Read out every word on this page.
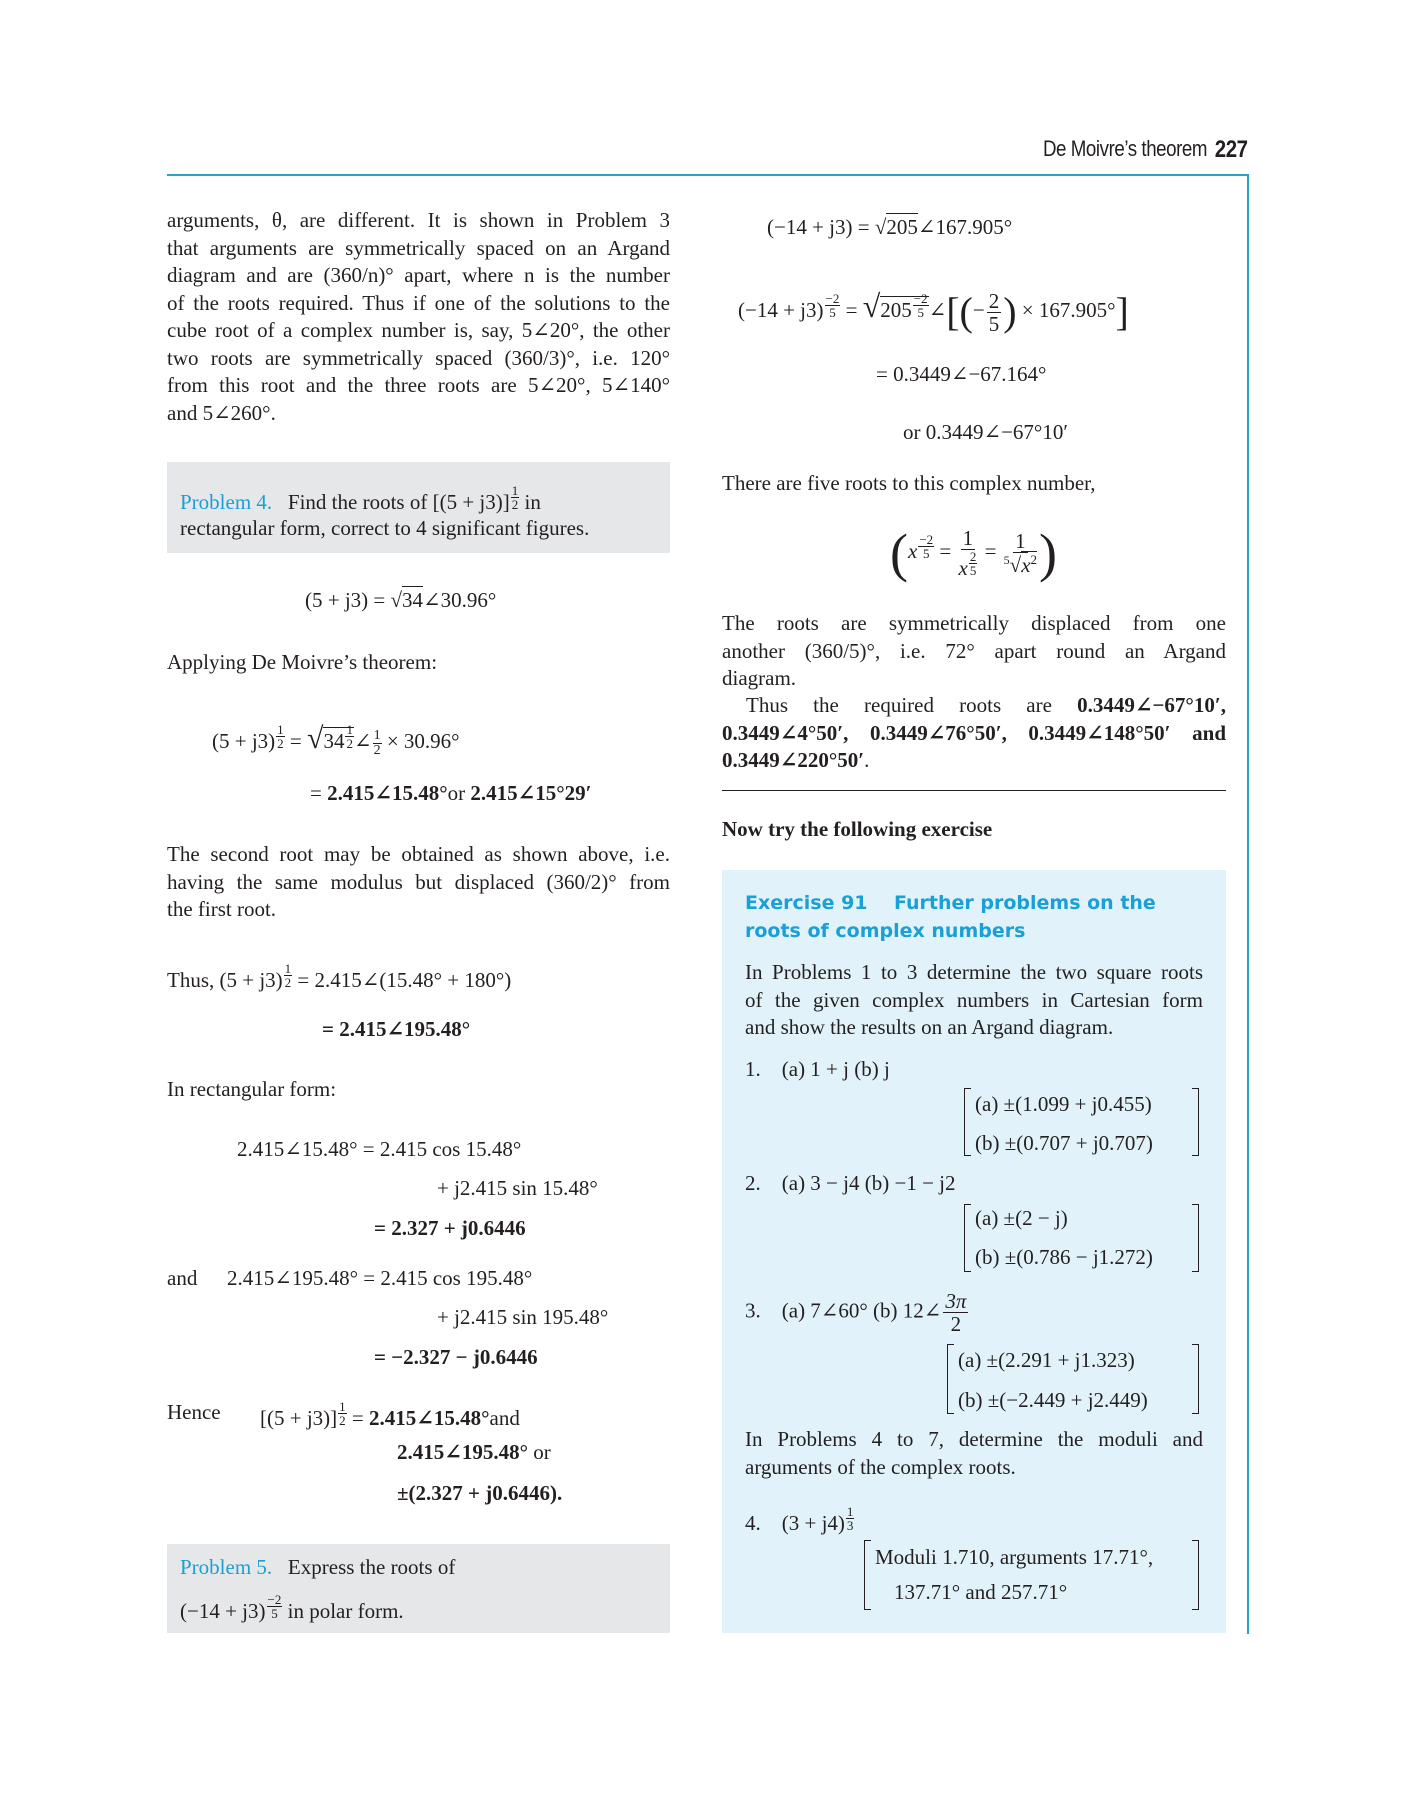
De Moivre’s theorem 227
arguments, θ, are different. It is shown in Problem 3
that arguments are symmetrically spaced on an Argand
diagram and are (360/n)° apart, where n is the number
of the roots required. Thus if one of the solutions to the
cube root of a complex number is, say, 5∠20°, the other
two roots are symmetrically spaced (360/3)°, i.e. 120°
from this root and the three roots are 5∠20°, 5∠140°
and 5∠260°.
Problem 4. Find the roots of $[(5 + j3)] \frac{1}{2}$ in
rectangular form, correct to 4 significant figures.
(5 + j3) = √34∠30.96°
Applying De Moivre’s theorem:
$(5 + j3) \frac{1}{2} = √34 \frac{1}{2}$ ∠ $\frac{1}{2} \times 30.96^\circ$
= 2.415∠15.48°or 2.415∠15°29′
The second root may be obtained as shown above, i.e.
having the same modulus but displaced (360/2)° from
the first root.
Thus, $(5 + j3) \frac{1}{2}$ = 2.415∠(15.48° + 180°)
= 2.415∠195.48°
In rectangular form:
2.415∠15.48° = 2.415 cos 15.48°
+ j2.415 sin 15.48°
= 2.327 + j0.6446
and 2.415∠195.48° = 2.415 cos 195.48°
+ j2.415 sin 195.48°
= −2.327 − j0.6446
Hence $[(5 + j3)] \frac{1}{2}$ = 2.415∠15.48°and
2.415∠195.48° or
±(2.327 + j0.6446).
Problem 5. Express the roots of
$(-14 + j3) \frac{-2}{5}$ in polar form.
(−14 + j3) = √205∠167.905°
$(-14 + j3) \frac{-2}{5} = √205 \frac{-2}{5}$ ∠[(− $\frac{2}{5}$ ) × 167.905°]
= 0.3449∠−67.164°
or 0.3449∠−67°10′
There are five roots to this complex number,
($x \frac{-2}{5} = \frac{1}{x \frac{2}{5}} = \frac{1}{^5√x^2}$ )
The roots are symmetrically displaced from one
another (360/5)°, i.e. 72° apart round an Argand
diagram.
Thus the required roots are 0.3449∠−67°10′,
0.3449∠4°50′, 0.3449∠76°50′, 0.3449∠148°50′ and
0.3449∠220°50′.
Now try the following exercise
Exercise 91    Further problems on the
roots of complex numbers
In Problems 1 to 3 determine the two square roots
of the given complex numbers in Cartesian form
and show the results on an Argand diagram.
1. (a) 1 + j (b) j
(a) ±(1.099 + j0.455)
(b) ±(0.707 + j0.707)
2. (a) 3 − j4 (b) −1 − j2
(a) ±(2 − j)
(b) ±(0.786 − j1.272)
3. (a) 7∠60° (b) 12∠ $\frac{3\pi}{2}$
(a) ±(2.291 + j1.323)
(b) ±(−2.449 + j2.449)
In Problems 4 to 7, determine the moduli and
arguments of the complex roots.
4. $(3 + j4) \frac{1}{3}$
Moduli 1.710, arguments 17.71°,
137.71° and 257.71°
